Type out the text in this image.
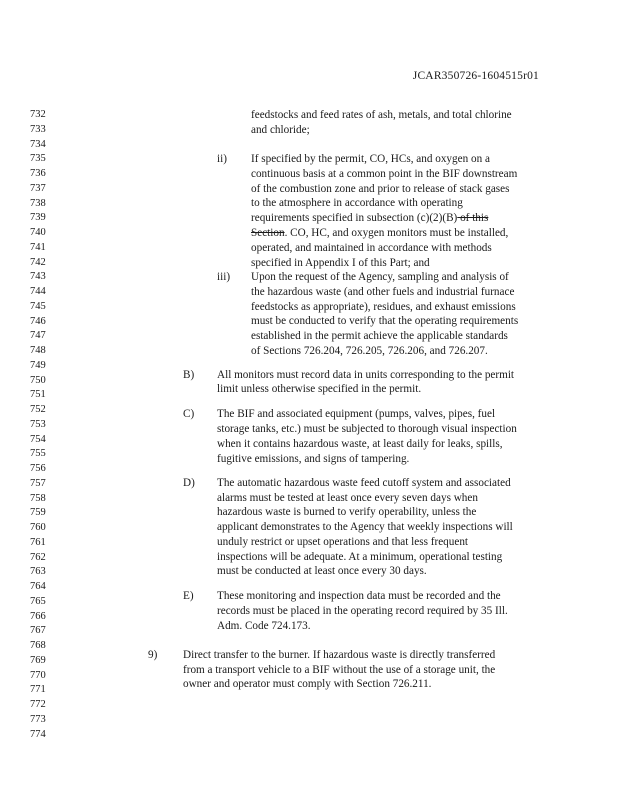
JCAR350726-1604515r01
732
733
734
735
736
737
738
739
740
741
742
743
744
745
746
747
748
749
750
751
752
753
754
755
756
757
758
759
760
761
762
763
764
765
766
767
768
769
770
771
772
773
774
feedstocks and feed rates of ash, metals, and total chlorine
and chloride;
ii) If specified by the permit, CO, HCs, and oxygen on a
continuous basis at a common point in the BIF downstream
of the combustion zone and prior to release of stack gases
to the atmosphere in accordance with operating
requirements specified in subsection (c)(2)(B) of this
Section. CO, HC, and oxygen monitors must be installed,
operated, and maintained in accordance with methods
specified in Appendix I of this Part; and
iii) Upon the request of the Agency, sampling and analysis of
the hazardous waste (and other fuels and industrial furnace
feedstocks as appropriate), residues, and exhaust emissions
must be conducted to verify that the operating requirements
established in the permit achieve the applicable standards
of Sections 726.204, 726.205, 726.206, and 726.207.
B) All monitors must record data in units corresponding to the permit
limit unless otherwise specified in the permit.
C) The BIF and associated equipment (pumps, valves, pipes, fuel
storage tanks, etc.) must be subjected to thorough visual inspection
when it contains hazardous waste, at least daily for leaks, spills,
fugitive emissions, and signs of tampering.
D) The automatic hazardous waste feed cutoff system and associated
alarms must be tested at least once every seven days when
hazardous waste is burned to verify operability, unless the
applicant demonstrates to the Agency that weekly inspections will
unduly restrict or upset operations and that less frequent
inspections will be adequate. At a minimum, operational testing
must be conducted at least once every 30 days.
E) These monitoring and inspection data must be recorded and the
records must be placed in the operating record required by 35 Ill.
Adm. Code 724.173.
9) Direct transfer to the burner. If hazardous waste is directly transferred
from a transport vehicle to a BIF without the use of a storage unit, the
owner and operator must comply with Section 726.211.
